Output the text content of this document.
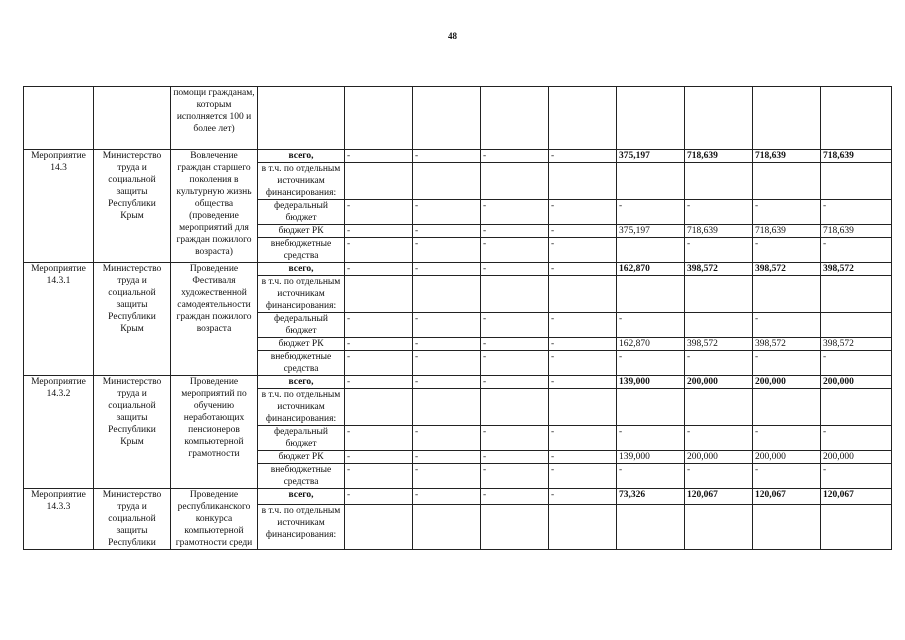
48
		помощи гражданам, которым исполняется 100 и более лет)									
Мероприятие 14.3	Министерство труда и социальной защиты Республики Крым	Вовлечение граждан старшего поколения в культурную жизнь общества (проведение мероприятий для граждан пожилого возраста)	всего,	-	-	-	-	375,197	718,639	718,639	718,639
			в т.ч. по отдельным источникам финансирования:								
			федеральный бюджет	-	-	-	-	-	-	-	-
			бюджет РК	-	-	-	-	375,197	718,639	718,639	718,639
			внебюджетные средства	-	-	-	-		-	-	-
Мероприятие 14.3.1	Министерство труда и социальной защиты Республики Крым	Проведение Фестиваля художественной самодеятельности граждан пожилого возраста	всего,	-	-	-	-	162,870	398,572	398,572	398,572
			в т.ч. по отдельным источникам финансирования:								
			федеральный бюджет	-	-	-	-	-		-	
			бюджет РК	-	-	-	-	162,870	398,572	398,572	398,572
			внебюджетные средства	-	-	-	-	-	-	-	-
Мероприятие 14.3.2	Министерство труда и социальной защиты Республики Крым	Проведение мероприятий по обучению неработающих пенсионеров компьютерной грамотности	всего,	-	-	-	-	139,000	200,000	200,000	200,000
			в т.ч. по отдельным источникам финансирования:								
			федеральный бюджет	-	-	-	-	-	-	-	-
			бюджет РК	-	-	-	-	139,000	200,000	200,000	200,000
			внебюджетные средства	-	-	-	-	-	-	-	-
Мероприятие 14.3.3	Министерство труда и социальной защиты Республики	Проведение республиканского конкурса компьютерной грамотности среди	всего,	-	-	-	-	73,326	120,067	120,067	120,067
			в т.ч. по отдельным источникам финансирования:								
